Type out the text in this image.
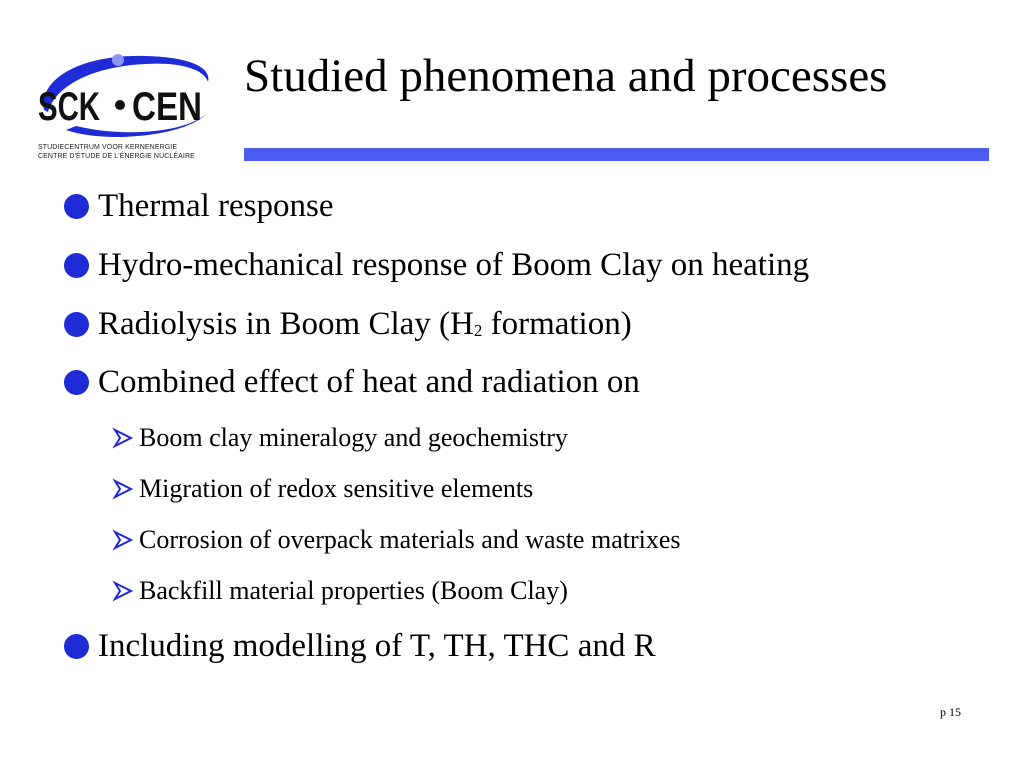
SCK CEN
STUDIECENTRUM VOOR KERNENERGIE
CENTRE D'ÉTUDE DE L'ÉNERGIE NUCLÉAIRE
Studied phenomena and processes
Thermal response
Hydro-mechanical response of Boom Clay on heating
Radiolysis in Boom Clay ($H_2$ formation)
Combined effect of heat and radiation on
Boom clay mineralogy and geochemistry
Migration of redox sensitive elements
Corrosion of overpack materials and waste matrixes
Backfill material properties (Boom Clay)
Including modelling of T, TH, THC and R
p 15
